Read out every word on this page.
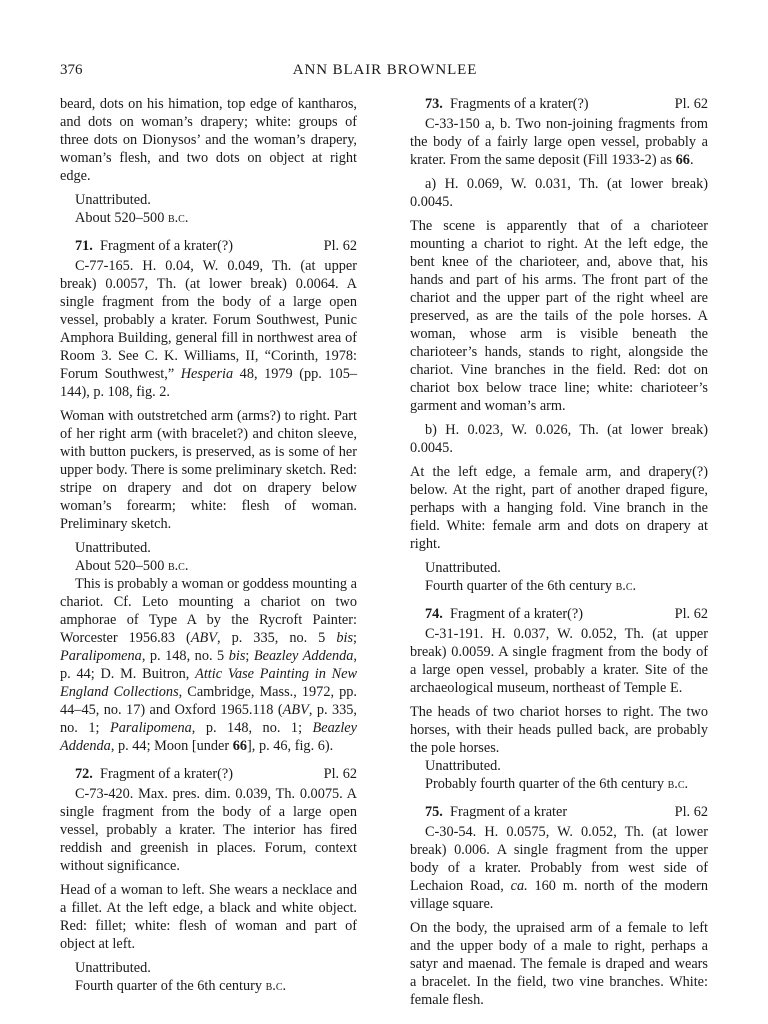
376	ANN BLAIR BROWNLEE

beard, dots on his himation, top edge of kantharos, and dots on woman’s drapery; white: groups of three dots on Dionysos’ and the woman’s drapery, woman’s flesh, and two dots on object at right edge.

Unattributed.

About 520–500 b.c.

71. Fragment of a krater(?)	Pl. 62

C-77-165. H. 0.04, W. 0.049, Th. (at upper break) 0.0057, Th. (at lower break) 0.0064. A single fragment from the body of a large open vessel, probably a krater. Forum Southwest, Punic Amphora Building, general fill in northwest area of Room 3. See C. K. Williams, II, “Corinth, 1978: Forum Southwest,” Hesperia 48, 1979 (pp. 105–144), p. 108, fig. 2.

Woman with outstretched arm (arms?) to right. Part of her right arm (with bracelet?) and chiton sleeve, with button puckers, is preserved, as is some of her upper body. There is some preliminary sketch. Red: stripe on drapery and dot on drapery below woman’s forearm; white: flesh of woman. Preliminary sketch.

Unattributed.

About 520–500 b.c.

This is probably a woman or goddess mounting a chariot. Cf. Leto mounting a chariot on two amphorae of Type A by the Rycroft Painter: Worcester 1956.83 (ABV, p. 335, no. 5 bis; Paralipomena, p. 148, no. 5 bis; Beazley Addenda, p. 44; D. M. Buitron, Attic Vase Painting in New England Collections, Cambridge, Mass., 1972, pp. 44–45, no. 17) and Oxford 1965.118 (ABV, p. 335, no. 1; Paralipomena, p. 148, no. 1; Beazley Addenda, p. 44; Moon [under 66], p. 46, fig. 6).

72. Fragment of a krater(?)	Pl. 62

C-73-420. Max. pres. dim. 0.039, Th. 0.0075. A single fragment from the body of a large open vessel, probably a krater. The interior has fired reddish and greenish in places. Forum, context without significance.

Head of a woman to left. She wears a necklace and a fillet. At the left edge, a black and white object. Red: fillet; white: flesh of woman and part of object at left.

Unattributed.

Fourth quarter of the 6th century b.c.

73. Fragments of a krater(?)	Pl. 62

C-33-150 a, b. Two non-joining fragments from the body of a fairly large open vessel, probably a krater. From the same deposit (Fill 1933-2) as 66.

a) H. 0.069, W. 0.031, Th. (at lower break) 0.0045.

The scene is apparently that of a charioteer mounting a chariot to right. At the left edge, the bent knee of the charioteer, and, above that, his hands and part of his arms. The front part of the chariot and the upper part of the right wheel are preserved, as are the tails of the pole horses. A woman, whose arm is visible beneath the charioteer’s hands, stands to right, alongside the chariot. Vine branches in the field. Red: dot on chariot box below trace line; white: charioteer’s garment and woman’s arm.

b) H. 0.023, W. 0.026, Th. (at lower break) 0.0045.

At the left edge, a female arm, and drapery(?) below. At the right, part of another draped figure, perhaps with a hanging fold. Vine branch in the field. White: female arm and dots on drapery at right.

Unattributed.

Fourth quarter of the 6th century b.c.

74. Fragment of a krater(?)	Pl. 62

C-31-191. H. 0.037, W. 0.052, Th. (at upper break) 0.0059. A single fragment from the body of a large open vessel, probably a krater. Site of the archaeological museum, northeast of Temple E.

The heads of two chariot horses to right. The two horses, with their heads pulled back, are probably the pole horses.

Unattributed.

Probably fourth quarter of the 6th century b.c.

75. Fragment of a krater	Pl. 62

C-30-54. H. 0.0575, W. 0.052, Th. (at lower break) 0.006. A single fragment from the upper body of a krater. Probably from west side of Lechaion Road, ca. 160 m. north of the modern village square.

On the body, the upraised arm of a female to left and the upper body of a male to right, perhaps a satyr and maenad. The female is draped and wears a bracelet. In the field, two vine branches. White: female flesh.
